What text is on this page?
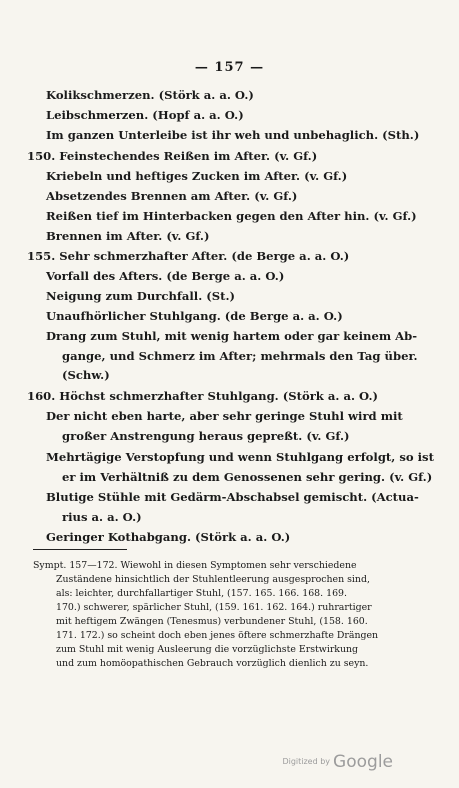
— 157 —
Kolikschmerzen. (Störk a. a. O.)
Leibschmerzen. (Hopf a. a. O.)
Im ganzen Unterleibe ist ihr weh und unbehaglich. (Sth.)
150. Feinstechendes Reißen im After. (v. Gf.)
Kriebeln und heftiges Zucken im After. (v. Gf.)
Absetzendes Brennen am After. (v. Gf.)
Reißen tief im Hinterbacken gegen den After hin. (v. Gf.)
Brennen im After. (v. Gf.)
155. Sehr schmerzhafter After. (de Berge a. a. O.)
Vorfall des Afters. (de Berge a. a. O.)
Neigung zum Durchfall. (St.)
Unaufhörlicher Stuhlgang. (de Berge a. a. O.)
Drang zum Stuhl, mit wenig hartem oder gar keinem Ab-
gange, und Schmerz im After; mehrmals den Tag über.
(Schw.)
160. Höchst schmerzhafter Stuhlgang. (Störk a. a. O.)
Der nicht eben harte, aber sehr geringe Stuhl wird mit
großer Anstrengung heraus gepreßt. (v. Gf.)
Mehrtägige Verstopfung und wenn Stuhlgang erfolgt, so ist
er im Verhältniß zu dem Genossenen sehr gering. (v. Gf.)
Blutige Stühle mit Gedärm-Abschabsel gemischt. (Actua-
rius a. a. O.)
Geringer Kothabgang. (Störk a. a. O.)
Sympt. 157—172. Wiewohl in diesen Symptomen sehr verschiedene
Zuständene hinsichtlich der Stuhlentleerung ausgesprochen sind,
als: leichter, durchfallartiger Stuhl, (157. 165. 166. 168. 169.
170.) schwerer, spärlicher Stuhl, (159. 161. 162. 164.) ruhrartiger
mit heftigem Zwängen (Tenesmus) verbundener Stuhl, (158. 160.
171. 172.) so scheint doch eben jenes öftere schmerzhafte Drängen
zum Stuhl mit wenig Ausleerung die vorzüglichste Erstwirkung
und zum homöopathischen Gebrauch vorzüglich dienlich zu seyn.
Digitized by Google
